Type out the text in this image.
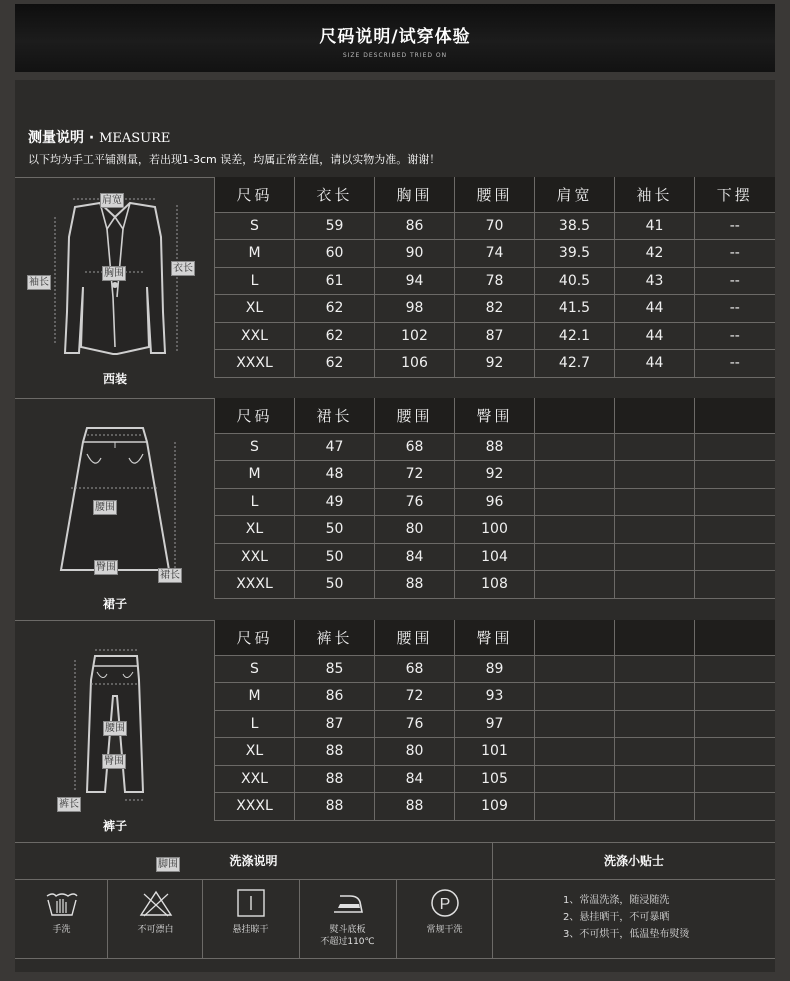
尺码说明/试穿体验
SIZE DESCRIBED TRIED ON
测量说明 · MEASURE
以下均为手工平铺测量，若出现1-3cm 误差，均属正常差值，请以实物为准。谢谢！
肩宽
袖长
胸围	衣长
西装
尺码	衣长	胸围	腰围	肩宽	袖长	下摆
S	59	86	70	38.5	41	--
M	60	90	74	39.5	42	--
L	61	94	78	40.5	43	--
XL	62	98	82	41.5	44	--
XXL	62	102	87	42.1	44	--
XXXL	62	106	92	42.7	44	--
腰围
臀围
裙长
裙子
尺码	裙长	腰围	臀围			
S	47	68	88			
M	48	72	92			
L	49	76	96			
XL	50	80	100			
XXL	50	84	104			
XXXL	50	88	108			
腰围
臀围
裤长
脚围
裤子
尺码	裤长	腰围	臀围			
S	85	68	89			
M	86	72	93			
L	87	76	97			
XL	88	80	101			
XXL	88	84	105			
XXXL	88	88	109			
洗涤说明	洗涤小贴士
手洗	不可漂白	悬挂晾干	熨斗底板
不超过110℃
P
常规干洗
1、常温洗涤，随浸随洗
2、悬挂晒干，不可暴晒
3、不可烘干，低温垫布熨烫
